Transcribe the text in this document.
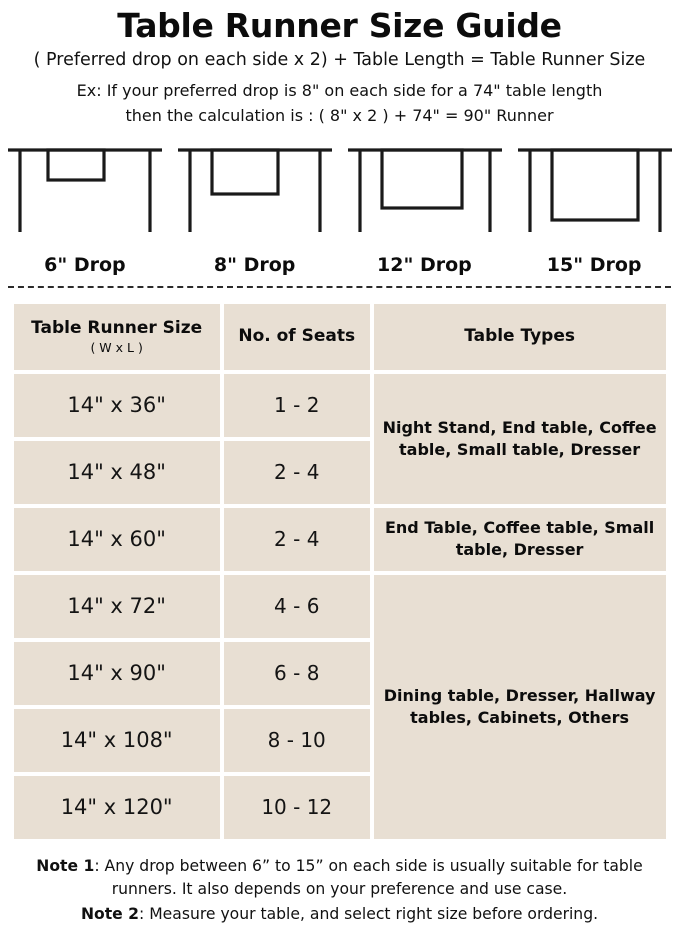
Table Runner Size Guide
( Preferred drop on each side x 2) + Table Length = Table Runner Size
Ex: If your preferred drop is 8" on each side for a 74" table length
then the calculation is : ( 8" x 2 ) + 74" = 90" Runner
6" Drop	8" Drop	12" Drop	15" Drop
Table Runner Size
( W x L )	No. of Seats	Table Types
14" x 36"	1 - 2	Night Stand, End table, Coffee table, Small table, Dresser
14" x 48"	2 - 4	
14" x 60"	2 - 4	End Table, Coffee table, Small table, Dresser
14" x 72"	4 - 6	Dining table, Dresser, Hallway tables, Cabinets, Others
14" x 90"	6 - 8	
14" x 108"	8 - 10	
14" x 120"	10 - 12	

Note 1: Any drop between 6” to 15” on each side is usually suitable for table runners. It also depends on your preference and use case.

Note 2: Measure your table, and select right size before ordering.
